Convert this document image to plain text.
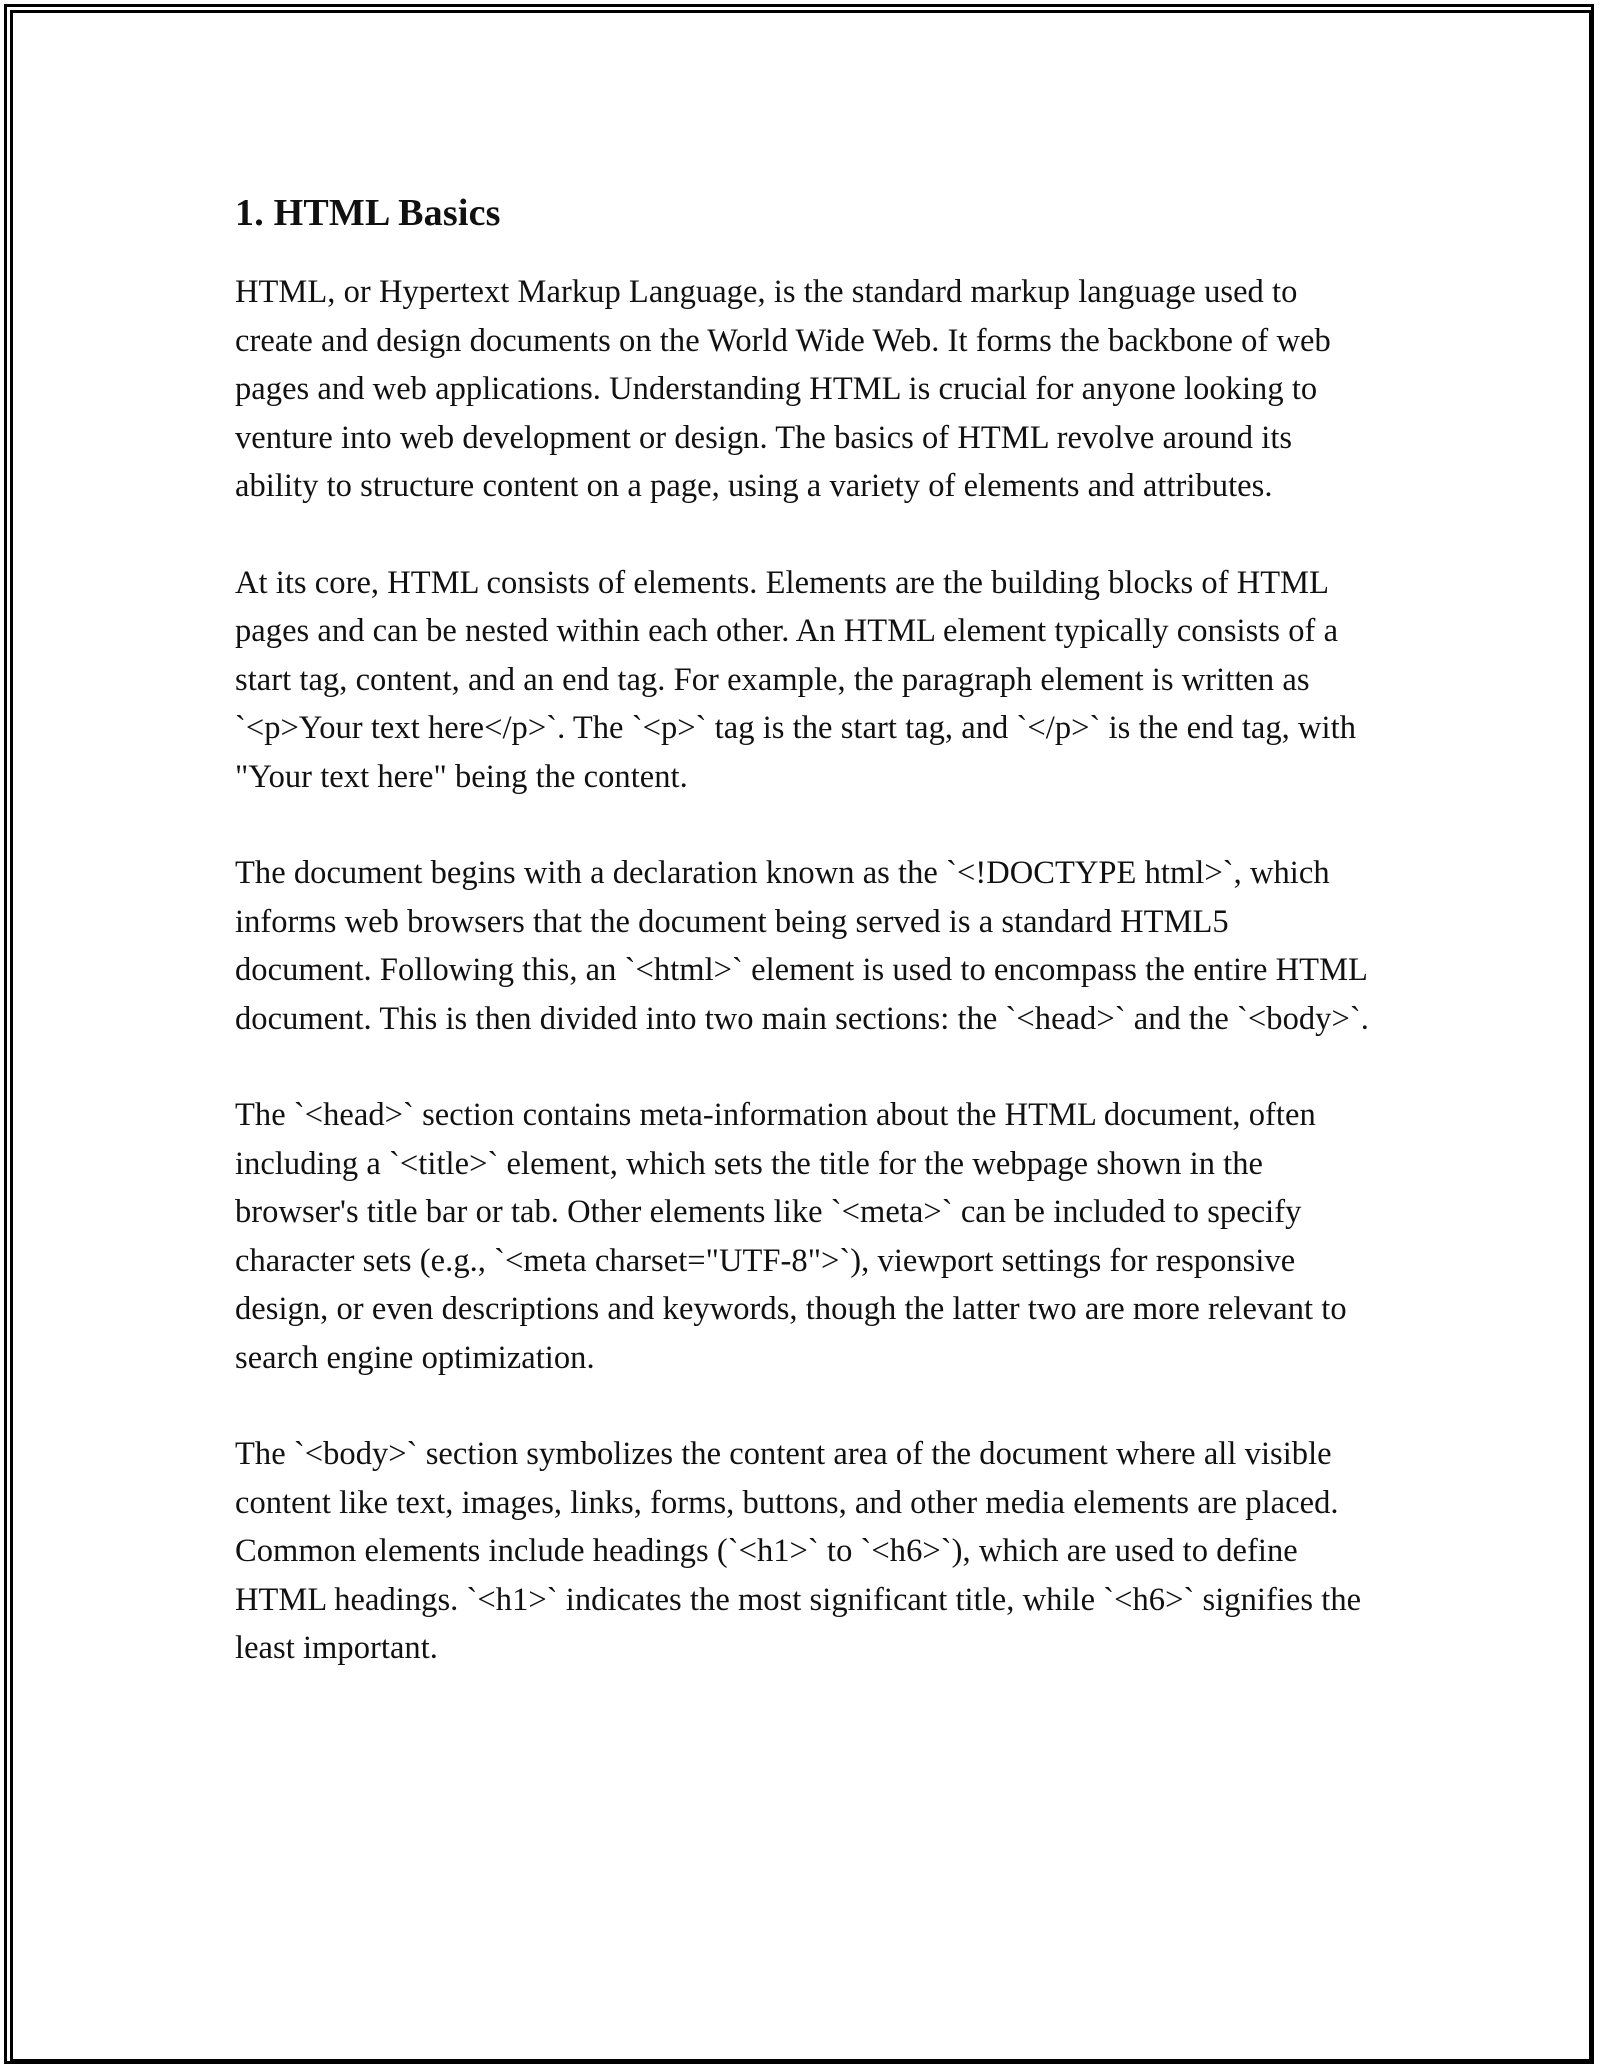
1. HTML Basics

HTML, or Hypertext Markup Language, is the standard markup language used to create and design documents on the World Wide Web. It forms the backbone of web pages and web applications. Understanding HTML is crucial for anyone looking to venture into web development or design. The basics of HTML revolve around its ability to structure content on a page, using a variety of elements and attributes.

At its core, HTML consists of elements. Elements are the building blocks of HTML pages and can be nested within each other. An HTML element typically consists of a start tag, content, and an end tag. For example, the paragraph element is written as `<p>Your text here</p>`. The `<p>` tag is the start tag, and `</p>` is the end tag, with "Your text here" being the content.

The document begins with a declaration known as the `<!DOCTYPE html>`, which informs web browsers that the document being served is a standard HTML5 document. Following this, an `<html>` element is used to encompass the entire HTML document. This is then divided into two main sections: the `<head>` and the `<body>`.

The `<head>` section contains meta-information about the HTML document, often including a `<title>` element, which sets the title for the webpage shown in the browser's title bar or tab. Other elements like `<meta>` can be included to specify character sets (e.g., `<meta charset="UTF-8">`), viewport settings for responsive design, or even descriptions and keywords, though the latter two are more relevant to search engine optimization.

The `<body>` section symbolizes the content area of the document where all visible content like text, images, links, forms, buttons, and other media elements are placed. Common elements include headings (`<h1>` to `<h6>`), which are used to define HTML headings. `<h1>` indicates the most significant title, while `<h6>` signifies the least important.
